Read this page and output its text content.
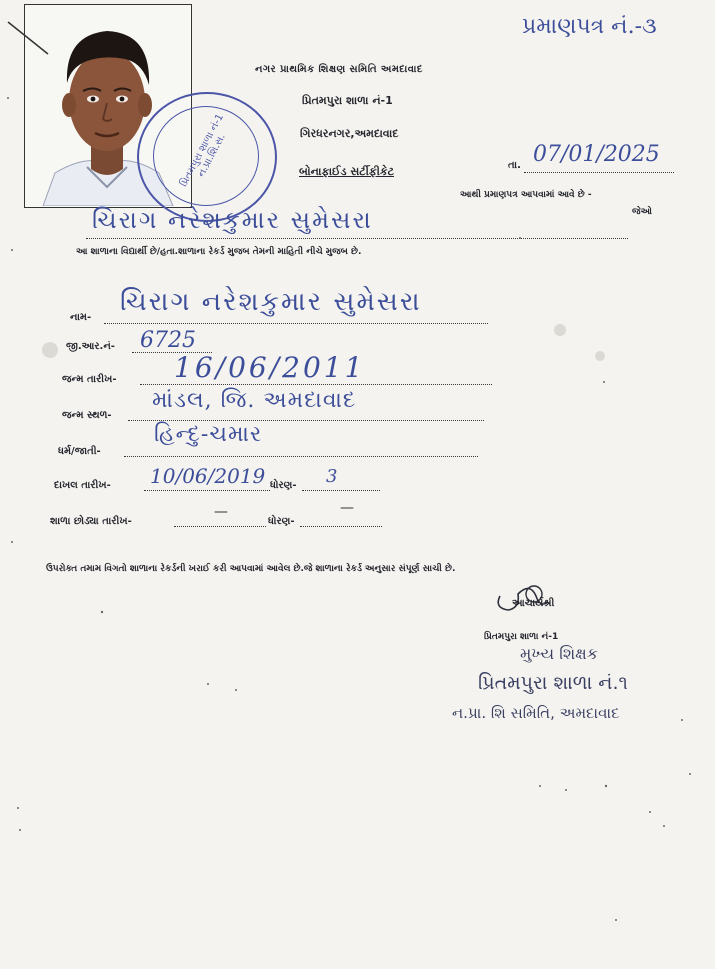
પ્રમાણપત્ર નં.-૩
પ્રિતમપુરા શાળા નં-1 ન.પ્રા.શિ.સ.
નગર પ્રાથમિક શિક્ષણ સમિતિ અમદાવાદ
પ્રિતમપુરા શાળા નં-1
ગિરધરનગર,અમદાવાદ
બોનાફાઈડ સર્ટીફીકેટ	તા. 07/01/2025
આથી પ્રમાણપત્ર આપવામાં આવે છે -
ચિરાગ નરેશકુમાર સુમેસરા	જેઓ
આ શાળાના વિદ્યાર્થી છે/હતા.શાળાના રેકર્ડ મુજબ તેમની માહિતી નીચે મુજબ છે.
નામ-
ચિરાગ નરેશકુમાર સુમેસરા
જી.આર.નં- 6725
જન્મ તારીખ- 16/06/2011
જન્મ સ્થળ-
માંડલ, જિ. અમદાવાદ
ધર્મ/જાતી-
હિન્દુ-ચમાર
દાખલ તારીખ- 10/06/2019 ધોરણ- 3
શાળા છોડ્યા તારીખ-
—
ધોરણ-
—
ઉપરોક્ત તમામ વિગતો શાળાના રેકર્ડની ખરાઈ કરી આપવામાં આવેલ છે.જે શાળાના રેકર્ડ અનુસાર સંપૂર્ણ સાચી છે.
આચાર્યશ્રી
પ્રિતમપુરા શાળા નં-1
મુખ્ય શિક્ષક
પ્રિતમપુરા શાળા નં.૧
ન.પ્રા. શિ સમિતિ, અમદાવાદ
